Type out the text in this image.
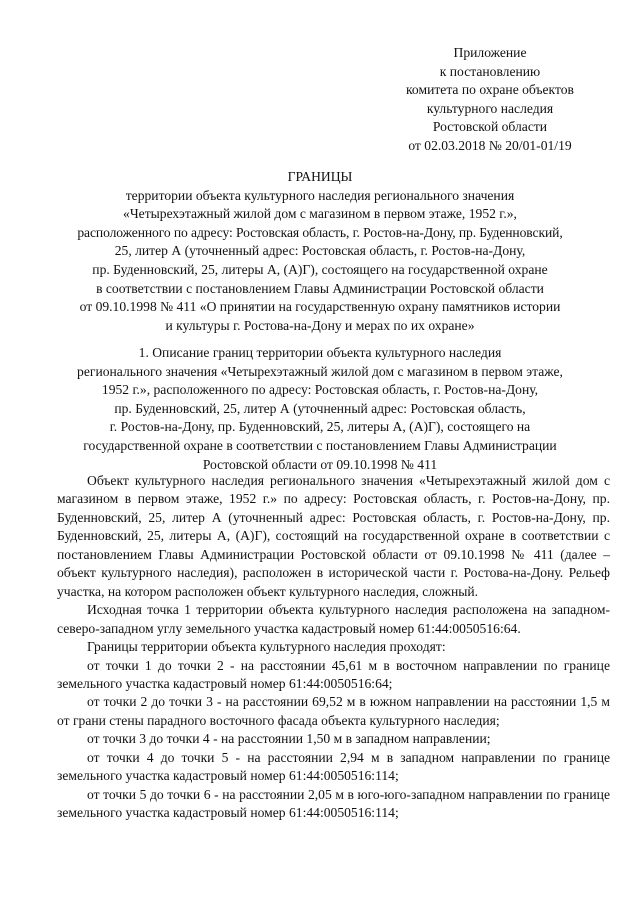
Приложение
к постановлению
комитета по охране объектов
культурного наследия
Ростовской области
от 02.03.2018 № 20/01-01/19
ГРАНИЦЫ
территории объекта культурного наследия регионального значения
«Четырехэтажный жилой дом с магазином в первом этаже, 1952 г.»,
расположенного по адресу: Ростовская область, г. Ростов-на-Дону, пр. Буденновский,
25, литер А (уточненный адрес: Ростовская область, г. Ростов-на-Дону,
пр. Буденновский, 25, литеры А, (А)Г), состоящего на государственной охране
в соответствии с постановлением Главы Администрации Ростовской области
от 09.10.1998 № 411 «О принятии на государственную охрану памятников истории
и культуры г. Ростова-на-Дону и мерах по их охране»
1. Описание границ территории объекта культурного наследия
регионального значения «Четырехэтажный жилой дом с магазином в первом этаже,
1952 г.», расположенного по адресу: Ростовская область, г. Ростов-на-Дону,
пр. Буденновский, 25, литер А (уточненный адрес: Ростовская область,
г. Ростов-на-Дону, пр. Буденновский, 25, литеры А, (А)Г), состоящего на
государственной охране в соответствии с постановлением Главы Администрации
Ростовской области от 09.10.1998 № 411

Объект культурного наследия регионального значения «Четырехэтажный жилой дом с магазином в первом этаже, 1952 г.» по адресу: Ростовская область, г. Ростов-на-Дону, пр. Буденновский, 25, литер А (уточненный адрес: Ростовская область, г. Ростов-на-Дону, пр. Буденновский, 25, литеры А, (А)Г), состоящий на государственной охране в соответствии с постановлением Главы Администрации Ростовской области от 09.10.1998 № 411 (далее – объект культурного наследия), расположен в исторической части г. Ростова-на-Дону. Рельеф участка, на котором расположен объект культурного наследия, сложный.

Исходная точка 1 территории объекта культурного наследия расположена на западном-северо-западном углу земельного участка кадастровый номер 61:44:0050516:64.

Границы территории объекта культурного наследия проходят:

от точки 1 до точки 2 - на расстоянии 45,61 м в восточном направлении по границе земельного участка кадастровый номер 61:44:0050516:64;

от точки 2 до точки 3 - на расстоянии 69,52 м в южном направлении на расстоянии 1,5 м от грани стены парадного восточного фасада объекта культурного наследия;

от точки 3 до точки 4 - на расстоянии 1,50 м в западном направлении;

от точки 4 до точки 5 - на расстоянии 2,94 м в западном направлении по границе земельного участка кадастровый номер 61:44:0050516:114;

от точки 5 до точки 6 - на расстоянии 2,05 м в юго-юго-западном направлении по границе земельного участка кадастровый номер 61:44:0050516:114;
